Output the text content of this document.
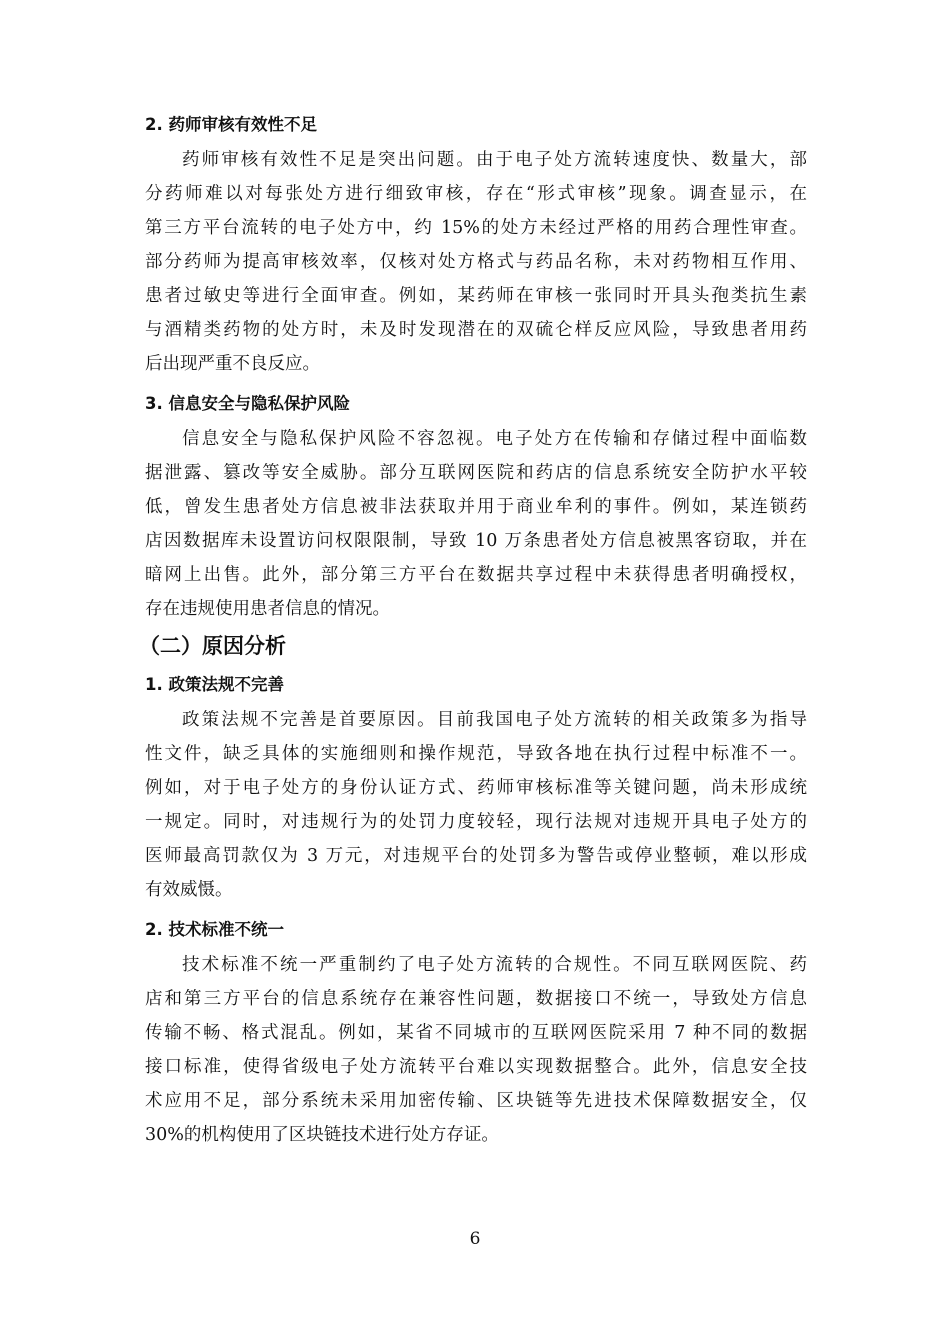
2. 药师审核有效性不足
药师审核有效性不足是突出问题。由于电子处方流转速度快、数量大，部
分药师难以对每张处方进行细致审核，存在“形式审核”现象。调查显示，在
第三方平台流转的电子处方中，约 15%的处方未经过严格的用药合理性审查。
部分药师为提高审核效率，仅核对处方格式与药品名称，未对药物相互作用、
患者过敏史等进行全面审查。例如，某药师在审核一张同时开具头孢类抗生素
与酒精类药物的处方时，未及时发现潜在的双硫仑样反应风险，导致患者用药
后出现严重不良反应。
3. 信息安全与隐私保护风险
信息安全与隐私保护风险不容忽视。电子处方在传输和存储过程中面临数
据泄露、篡改等安全威胁。部分互联网医院和药店的信息系统安全防护水平较
低，曾发生患者处方信息被非法获取并用于商业牟利的事件。例如，某连锁药
店因数据库未设置访问权限限制，导致 10 万条患者处方信息被黑客窃取，并在
暗网上出售。此外，部分第三方平台在数据共享过程中未获得患者明确授权，
存在违规使用患者信息的情况。
（二）原因分析
1. 政策法规不完善
政策法规不完善是首要原因。目前我国电子处方流转的相关政策多为指导
性文件，缺乏具体的实施细则和操作规范，导致各地在执行过程中标准不一。
例如，对于电子处方的身份认证方式、药师审核标准等关键问题，尚未形成统
一规定。同时，对违规行为的处罚力度较轻，现行法规对违规开具电子处方的
医师最高罚款仅为 3 万元，对违规平台的处罚多为警告或停业整顿，难以形成
有效威慑。
2. 技术标准不统一
技术标准不统一严重制约了电子处方流转的合规性。不同互联网医院、药
店和第三方平台的信息系统存在兼容性问题，数据接口不统一，导致处方信息
传输不畅、格式混乱。例如，某省不同城市的互联网医院采用 7 种不同的数据
接口标准，使得省级电子处方流转平台难以实现数据整合。此外，信息安全技
术应用不足，部分系统未采用加密传输、区块链等先进技术保障数据安全，仅
30%的机构使用了区块链技术进行处方存证。
6
